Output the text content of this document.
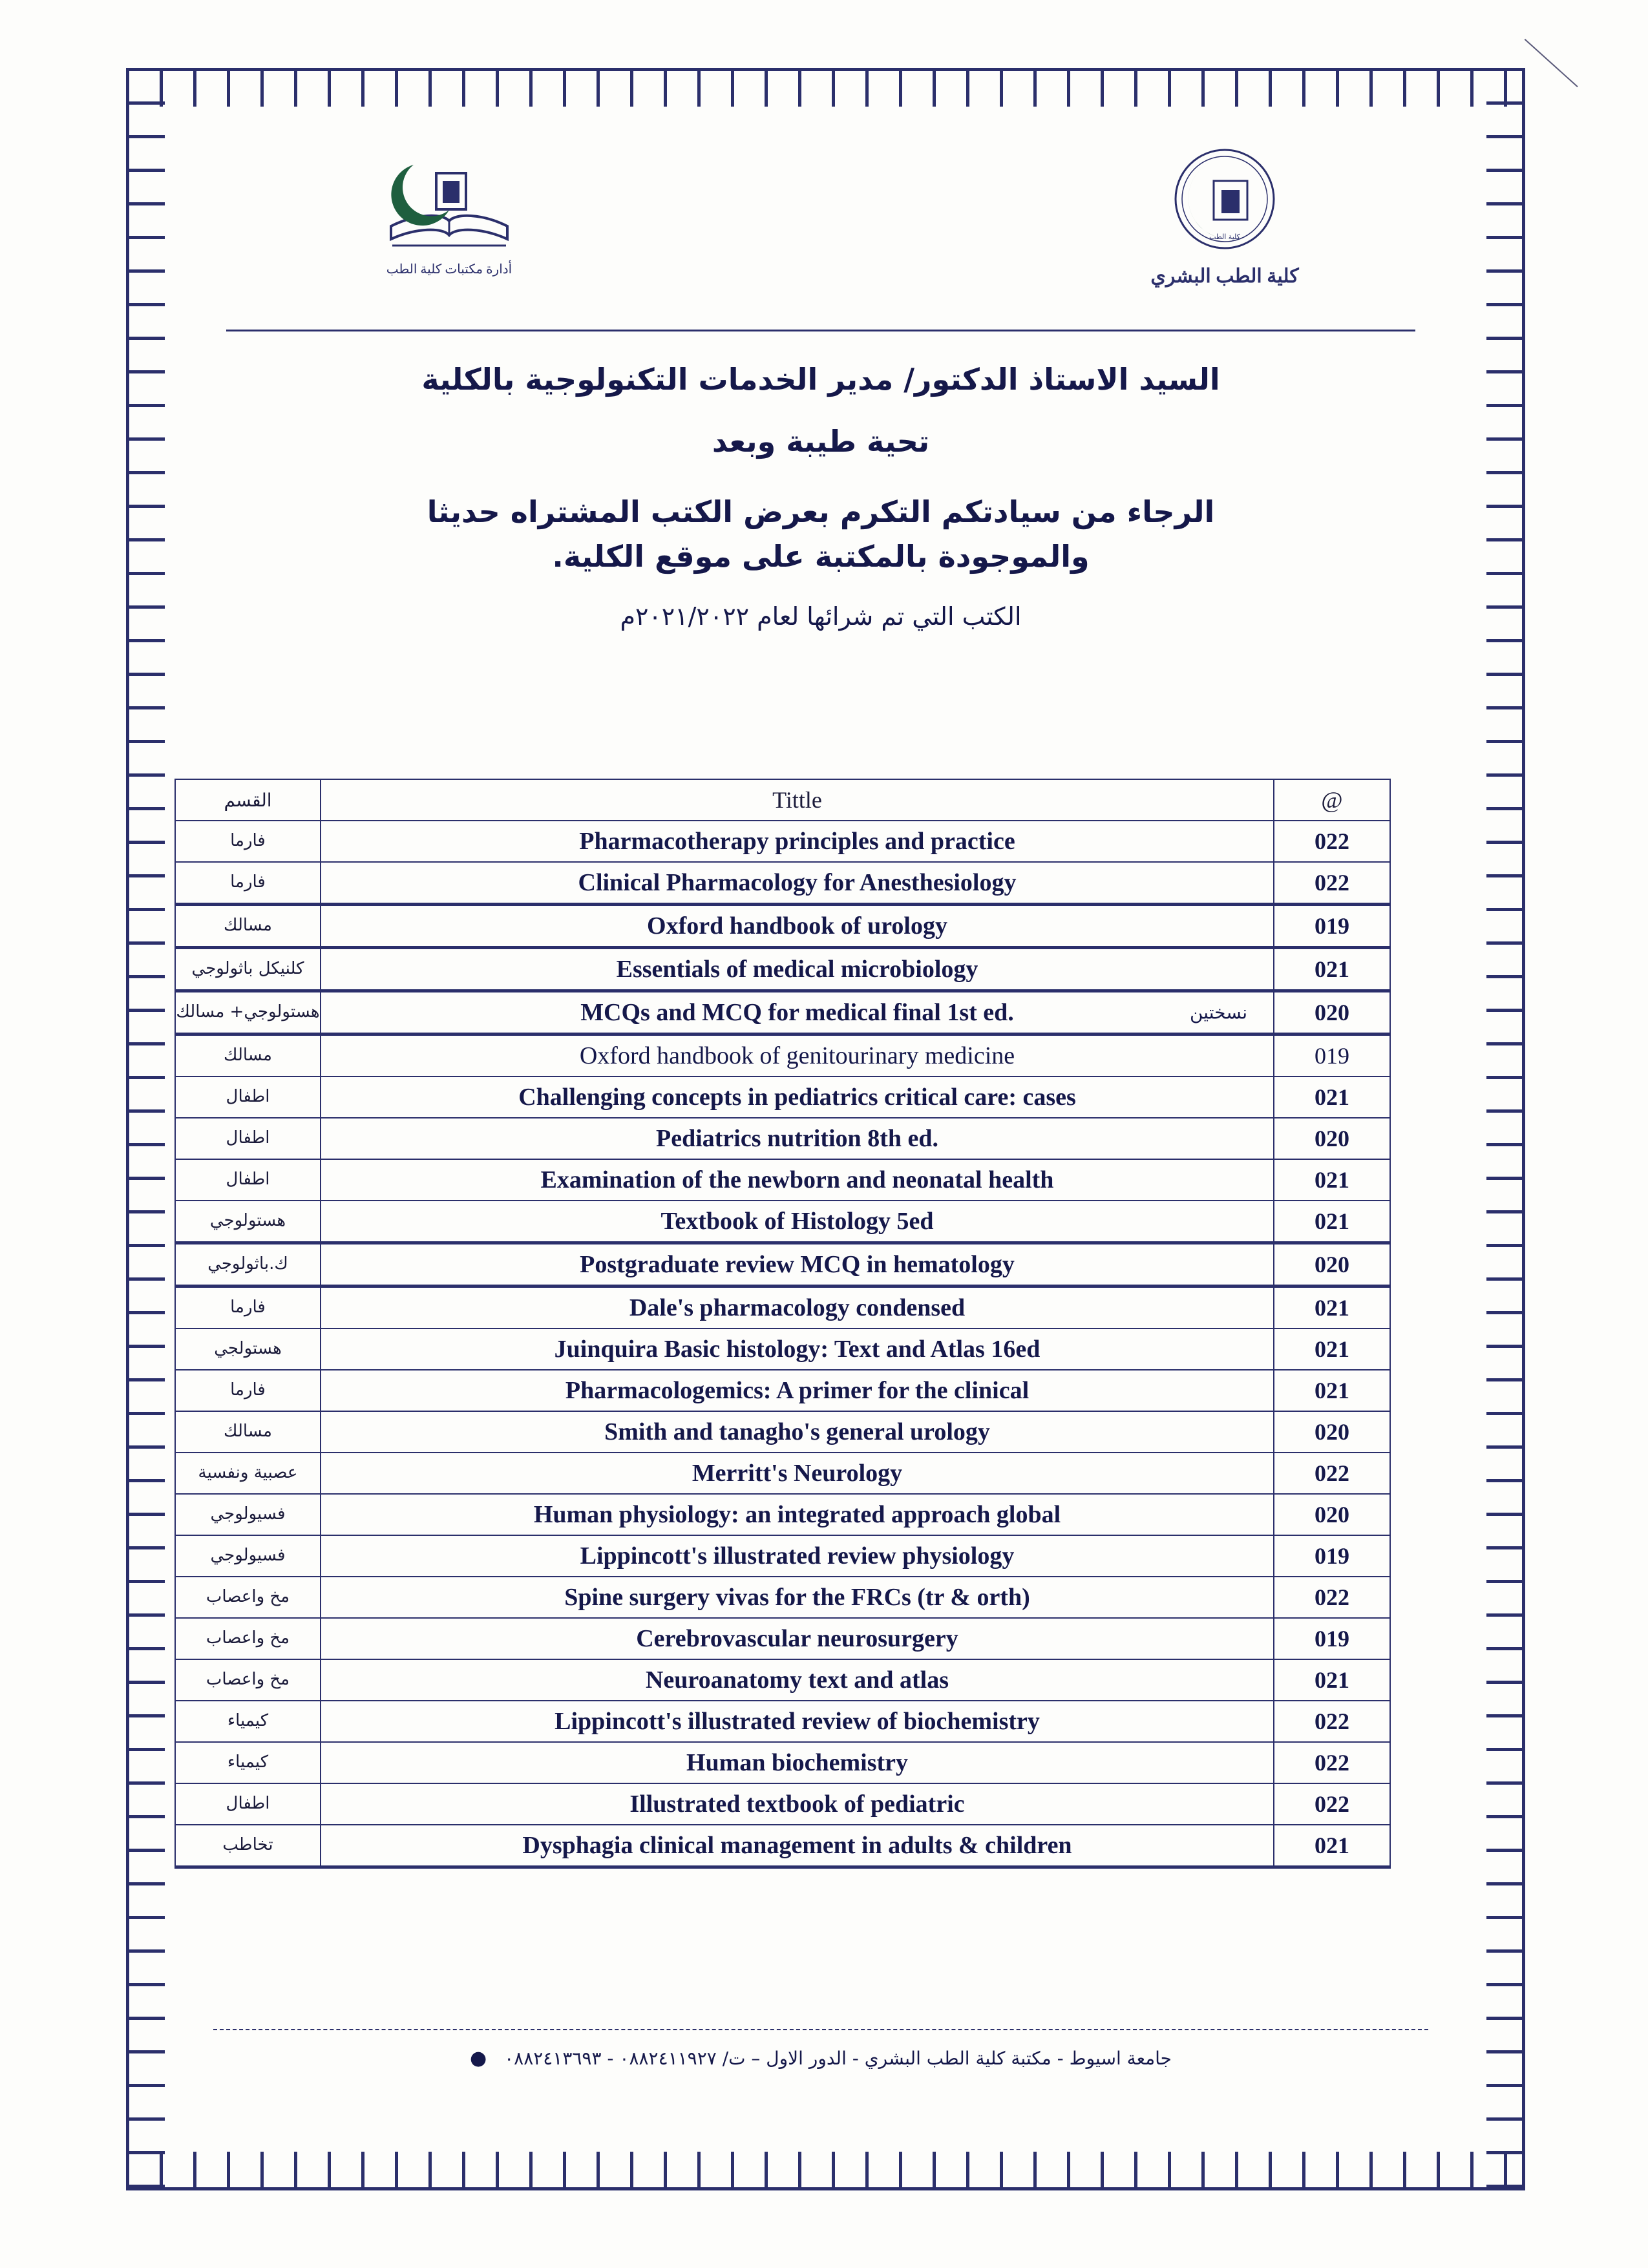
أدارة مكتبات كلية الطب
كلية الطب
كلية الطب البشري
السيد الاستاذ الدكتور/ مدير الخدمات التكنولوجية بالكلية
تحية طيبة وبعد
الرجاء من سيادتكم التكرم بعرض الكتب المشتراه حديثا
والموجودة بالمكتبة على موقع الكلية.
الكتب التي تم شرائها لعام ٢٠٢١/٢٠٢٢م
القسم	Tittle	@
فارما	Pharmacotherapy principles and practice	022
فارما	Clinical Pharmacology for Anesthesiology	022
مسالك	Oxford handbook of urology	019
كلنيكل باثولوجي	Essentials of medical microbiology	021
هستولوجي+ مسالك	MCQs and MCQ for medical final 1st ed. نسختين	020
مسالك	Oxford handbook of genitourinary medicine	019
اطفال	Challenging concepts in pediatrics critical care: cases	021
اطفال	Pediatrics nutrition 8th ed.	020
اطفال	Examination of the newborn and neonatal health	021
هستولوجي	Textbook of Histology 5ed	021
ك.باثولوجي	Postgraduate review MCQ in hematology	020
فارما	Dale's pharmacology condensed	021
هستولجي	Juinquira Basic histology: Text and Atlas 16ed	021
فارما	Pharmacologemics: A primer for the clinical	021
مسالك	Smith and tanagho's general urology	020
عصبية ونفسية	Merritt's Neurology	022
فسيولوجي	Human physiology: an integrated approach global	020
فسيولوجي	Lippincott's illustrated review physiology	019
مخ واعصاب	Spine surgery vivas for the FRCs (tr & orth)	022
مخ واعصاب	Cerebrovascular neurosurgery	019
مخ واعصاب	Neuroanatomy text and atlas	021
كيمياء	Lippincott's illustrated review of biochemistry	022
كيمياء	Human biochemistry	022
اطفال	Illustrated textbook of pediatric	022
تخاطب	Dysphagia clinical management in adults & children	021
جامعة اسيوط - مكتبة كلية الطب البشري - الدور الاول – ت/ ٠٨٨٢٤١١٩٢٧ - ٠٨٨٢٤١٣٦٩٣ ●
